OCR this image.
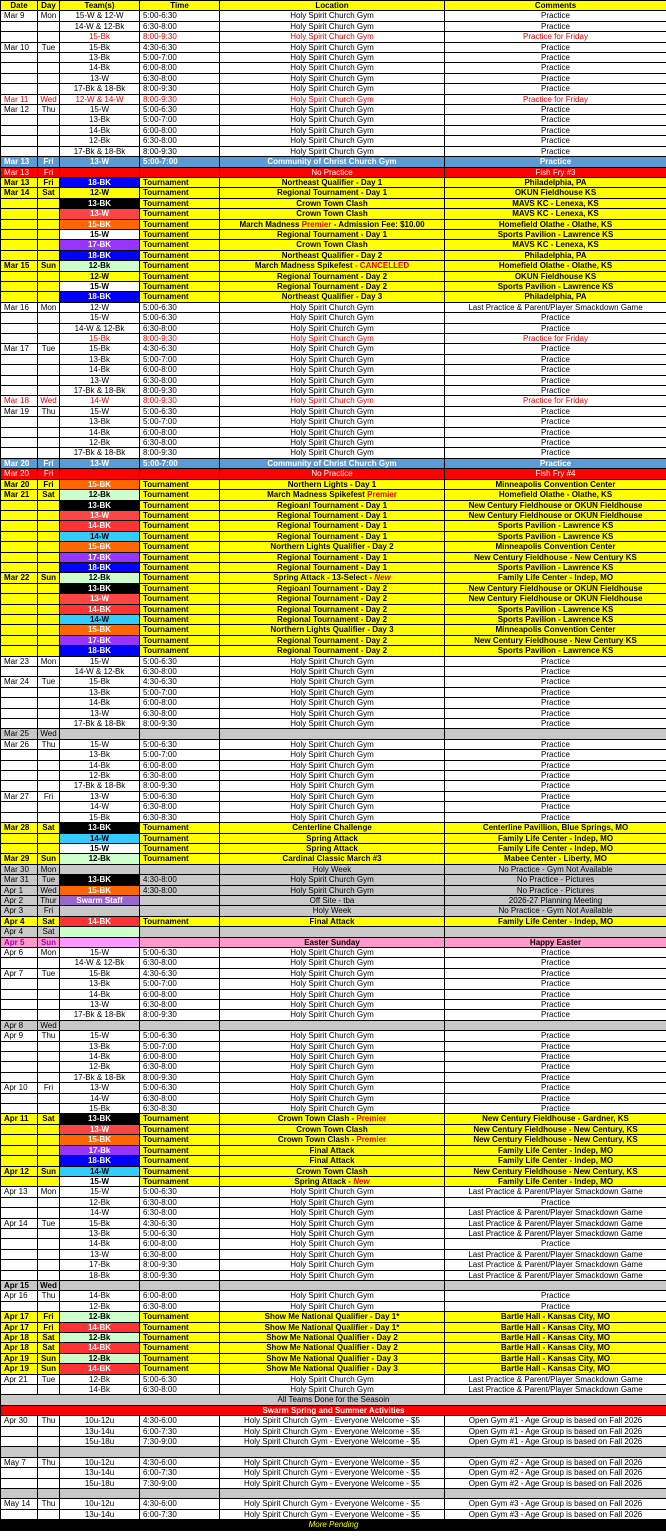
Date	Day	Team(s)	Time	Location	Comments
Mar 9	Mon	15-W & 12-W	5:00-6:30	Holy Spirit Church Gym	Practice
		14-W & 12-Bk	6:30-8:00	Holy Spirit Church Gym	Practice
		15-Bk	8:00-9:30	Holy Spirit Church Gym	Practice for Friday
Mar 10	Tue	15-Bk	4:30-6:30	Holy Spirit Church Gym	Practice
		13-Bk	5:00-7:00	Holy Spirit Church Gym	Practice
		14-Bk	6:00-8:00	Holy Spirit Church Gym	Practice
		13-W	6:30-8:00	Holy Spirit Church Gym	Practice
		17-Bk & 18-Bk	8:00-9:30	Holy Spirit Church Gym	Practice
Mar 11	Wed	12-W & 14-W	8:00-9:30	Holy Spirit Church Gym	Practice for Friday
Mar 12	Thu	15-W	5:00-6:30	Holy Spirit Church Gym	Practice
		13-Bk	5:00-7:00	Holy Spirit Church Gym	Practice
		14-Bk	6:00-8:00	Holy Spirit Church Gym	Practice
		12-Bk	6:30-8:00	Holy Spirit Church Gym	Practice
		17-Bk & 18-Bk	8:00-9:30	Holy Spirit Church Gym	Practice
Mar 13	Fri	13-W	5:00-7:00	Community of Christ Church Gym	Practice
Mar 13	Fri			No Practice	Fish Fry #3
Mar 13	Fri	18-BK	Tournament	Northeast Qualifier - Day 1	Philadelphia, PA
Mar 14	Sat	12-W	Tournament	Regional Tournament - Day 1	OKUN Fieldhouse KS
		13-BK	Tournament	Crown Town Clash	MAVS KC - Lenexa, KS
		13-W	Tournament	Crown Town Clash	MAVS KC - Lenexa, KS
		15-BK	Tournament	March Madness Premier - Admission Fee: $10.00	Homefield Olathe - Olathe, KS
		15-W	Tournament	Regional Tournament - Day 1	Sports Pavilion - Lawrence KS
		17-BK	Tournament	Crown Town Clash	MAVS KC - Lenexa, KS
		18-BK	Tournament	Northeast Qualifier - Day 2	Philadelphia, PA
Mar 15	Sun	12-Bk	Tournament	March Madness Spikefest - CANCELLED	Homefield Olathe - Olathe, KS
		12-W	Tournament	Regional Tournament - Day 2	OKUN Fieldhouse KS
		15-W	Tournament	Regional Tournament - Day 2	Sports Pavilion - Lawrence KS
		18-BK	Tournament	Northeast Qualifier - Day 3	Philadelphia, PA
Mar 16	Mon	12-W	5:00-6:30	Holy Spirit Church Gym	Last Practice & Parent/Player Smackdown Game
		15-W	5:00-6:30	Holy Spirit Church Gym	Practice
		14-W & 12-Bk	6:30-8:00	Holy Spirit Church Gym	Practice
		15-Bk	8:00-9:30	Holy Spirit Church Gym	Practice for Friday
Mar 17	Tue	15-Bk	4:30-6:30	Holy Spirit Church Gym	Practice
		13-Bk	5:00-7:00	Holy Spirit Church Gym	Practice
		14-Bk	6:00-8:00	Holy Spirit Church Gym	Practice
		13-W	6:30-8:00	Holy Spirit Church Gym	Practice
		17-Bk & 18-Bk	8:00-9:30	Holy Spirit Church Gym	Practice
Mar 18	Wed	14-W	8:00-9:30	Holy Spirit Church Gym	Practice for Friday
Mar 19	Thu	15-W	5:00-6:30	Holy Spirit Church Gym	Practice
		13-Bk	5:00-7:00	Holy Spirit Church Gym	Practice
		14-Bk	6:00-8:00	Holy Spirit Church Gym	Practice
		12-Bk	6:30-8:00	Holy Spirit Church Gym	Practice
		17-Bk & 18-Bk	8:00-9:30	Holy Spirit Church Gym	Practice
Mar 20	Fri	13-W	5:00-7:00	Community of Christ Church Gym	Practice
Mar 20	Fri			No Practice	Fish Fry #4
Mar 20	Fri	15-BK	Tournament	Northern Lights - Day 1	Minneapolis Convention Center
Mar 21	Sat	12-Bk	Tournament	March Madness Spikefest Premier	Homefield Olathe - Olathe, KS
		13-BK	Tournament	Regioanl Tournament - Day 1	New Century Fieldhouse or OKUN Fieldhouse
		13-W	Tournament	Regional Tournament - Day 1	New Century Fieldhouse or OKUN Fieldhouse
		14-BK	Tournament	Regional Tournament - Day 1	Sports Pavilion - Lawrence KS
		14-W	Tournament	Regional Tournament - Day 1	Sports Pavilion - Lawrence KS
		15-BK	Tournament	Northern Lights Qualifier - Day 2	Minneapolis Convention Center
		17-BK	Tournament	Regional Tournament - Day 1	New Century Fieldhouse - New Century KS
		18-BK	Tournament	Regional Tournament - Day 1	Sports Pavilion - Lawrence KS
Mar 22	Sun	12-Bk	Tournament	Spring Attack - 13-Select - New	Family Life Center - Indep, MO
		13-BK	Tournament	Regioanl Tournament - Day 2	New Century Fieldhouse or OKUN Fieldhouse
		13-W	Tournament	Regional Tournament - Day 2	New Century Fieldhouse or OKUN Fieldhouse
		14-BK	Tournament	Regional Tournament - Day 2	Sports Pavilion - Lawrence KS
		14-W	Tournament	Regional Tournament - Day 2	Sports Pavilion - Lawrence KS
		15-BK	Tournament	Northern Lights Qualifier - Day 3	Minneapolis Convention Center
		17-BK	Tournament	Regional Tournament - Day 2	New Century Fieldhouse - New Century KS
		18-BK	Tournament	Regional Tournament - Day 2	Sports Pavilion - Lawrence KS
Mar 23	Mon	15-W	5:00-6:30	Holy Spirit Church Gym	Practice
		14-W & 12-Bk	6:30-8:00	Holy Spirit Church Gym	Practice
Mar 24	Tue	15-Bk	4:30-6:30	Holy Spirit Church Gym	Practice
		13-Bk	5:00-7:00	Holy Spirit Church Gym	Practice
		14-Bk	6:00-8:00	Holy Spirit Church Gym	Practice
		13-W	6:30-8:00	Holy Spirit Church Gym	Practice
		17-Bk & 18-Bk	8:00-9:30	Holy Spirit Church Gym	Practice
Mar 25	Wed				
Mar 26	Thu	15-W	5:00-6:30	Holy Spirit Church Gym	Practice
		13-Bk	5:00-7:00	Holy Spirit Church Gym	Practice
		14-Bk	6:00-8:00	Holy Spirit Church Gym	Practice
		12-Bk	6:30-8:00	Holy Spirit Church Gym	Practice
		17-Bk & 18-Bk	8:00-9:30	Holy Spirit Church Gym	Practice
Mar 27	Fri	13-W	5:00-6:30	Holy Spirit Church Gym	Practice
		14-W	6:30-8:00	Holy Spirit Church Gym	Practice
		15-Bk	6:30-8:30	Holy Spirit Church Gym	Practice
Mar 28	Sat	13-BK	Tournament	Centerline Challenge	Centerline Pavillion, Blue Springs, MO
		14-W	Tournament	Spring Attack	Family Life Center - Indep, MO
		15-W	Tournament	Spring Attack	Family Life Center - Indep, MO
Mar 29	Sun	12-Bk	Tournament	Cardinal Classic March #3	Mabee Center - Liberty, MO
Mar 30	Mon			Holy Week	No Practice - Gym Not Available
Mar 31	Tue	13-BK	4:30-8:00	Holy Spirit Church Gym	No Practice - Pictures
Apr 1	Wed	15-BK	4:30-8:00	Holy Spirit Church Gym	No Practice - Pictures
Apr 2	Thur	Swarm Staff		Off Site - tba	2026-27 Planning Meeting
Apr 3	Fri			Holy Week	No Practice - Gym Not Available
Apr 4	Sat	14-BK	Tournament	Final Attack	Family Life Center - Indep, MO
Apr 4	Sat				
Apr 5	Sun			Easter Sunday	Happy Easter
Apr 6	Mon	15-W	5:00-6:30	Holy Spirit Church Gym	Practice
		14-W & 12-Bk	6:30-8:00	Holy Spirit Church Gym	Practice
Apr 7	Tue	15-Bk	4:30-6:30	Holy Spirit Church Gym	Practice
		13-Bk	5:00-7:00	Holy Spirit Church Gym	Practice
		14-Bk	6:00-8:00	Holy Spirit Church Gym	Practice
		13-W	6:30-8:00	Holy Spirit Church Gym	Practice
		17-Bk & 18-Bk	8:00-9:30	Holy Spirit Church Gym	Practice
Apr 8	Wed				
Apr 9	Thu	15-W	5:00-6:30	Holy Spirit Church Gym	Practice
		13-Bk	5:00-7:00	Holy Spirit Church Gym	Practice
		14-Bk	6:00-8:00	Holy Spirit Church Gym	Practice
		12-Bk	6:30-8:00	Holy Spirit Church Gym	Practice
		17-Bk & 18-Bk	8:00-9:30	Holy Spirit Church Gym	Practice
Apr 10	Fri	13-W	5:00-6:30	Holy Spirit Church Gym	Practice
		14-W	6:30-8:00	Holy Spirit Church Gym	Practice
		15-Bk	6:30-8:30	Holy Spirit Church Gym	Practice
Apr 11	Sat	13-BK	Tournament	Crown Town Clash - Premier	New Century Fieldhouse - Gardner, KS
		13-W	Tournament	Crown Town Clash	New Century Fieldhouse - New Century, KS
		15-BK	Tournament	Crown Town Clash - Premier	New Century Fieldhouse - New Century, KS
		17-Bk	Tournament	Final Attack	Family Life Center - Indep, MO
		18-BK	Tournament	Final Attack	Family Life Center - Indep, MO
Apr 12	Sun	14-W	Tournament	Crown Town Clash	New Century Fieldhouse - New Century, KS
		15-W	Tournament	Spring Attack - New	Family Life Center - Indep, MO
Apr 13	Mon	15-W	5:00-6:30	Holy Spirit Church Gym	Last Practice & Parent/Player Smackdown Game
		12-Bk	6:30-8:00	Holy Spirit Church Gym	Practice
		14-W	6:30-8:00	Holy Spirit Church Gym	Last Practice & Parent/Player Smackdown Game
Apr 14	Tue	15-Bk	4:30-6:30	Holy Spirit Church Gym	Last Practice & Parent/Player Smackdown Game
		13-Bk	5:00-6:30	Holy Spirit Church Gym	Last Practice & Parent/Player Smackdown Game
		14-Bk	6:00-8:00	Holy Spirit Church Gym	Practice
		13-W	6:30-8:00	Holy Spirit Church Gym	Last Practice & Parent/Player Smackdown Game
		17-Bk	8:00-9:30	Holy Spirit Church Gym	Last Practice & Parent/Player Smackdown Game
		18-Bk	8:00-9:30	Holy Spirit Church Gym	Last Practice & Parent/Player Smackdown Game
Apr 15	Wed				
Apr 16	Thu	14-Bk	6:00-8:00	Holy Spirit Church Gym	Practice
		12-Bk	6:30-8:00	Holy Spirit Church Gym	Practice
Apr 17	Fri	12-Bk	Tournament	Show Me National Qualifier - Day 1*	Bartle Hall - Kansas City, MO
Apr 17	Fri	14-BK	Tournament	Show Me National Qualifier - Day 1*	Bartle Hall - Kansas City, MO
Apr 18	Sat	12-Bk	Tournament	Show Me National Qualifier - Day 2	Bartle Hall - Kansas City, MO
Apr 18	Sat	14-BK	Tournament	Show Me National Qualifier - Day 2	Bartle Hall - Kansas City, MO
Apr 19	Sun	12-Bk	Tournament	Show Me National Qualifier - Day 3	Bartle Hall - Kansas City, MO
Apr 19	Sun	14-BK	Tournament	Show Me National Qualifier - Day 3	Bartle Hall - Kansas City, MO
Apr 21	Tue	12-Bk	5:00-6:30	Holy Spirit Church Gym	Last Practice & Parent/Player Smackdown Game
		14-Bk	6:30-8:00	Holy Spirit Church Gym	Last Practice & Parent/Player Smackdown Game
All Teams Done for the Seasoin					
Swarm Spring and Summer Activities					
Apr 30	Thu	10u-12u	4:30-6:00	Holy Spirit Church Gym - Everyone Welcome - $5	Open Gym #1 - Age Group is based on Fall 2026
		13u-14u	6:00-7:30	Holy Spirit Church Gym - Everyone Welcome - $5	Open Gym #1 - Age Group is based on Fall 2026
		15u-18u	7:30-9:00	Holy Spirit Church Gym - Everyone Welcome - $5	Open Gym #1 - Age Group is based on Fall 2026

May 7	Thu	10u-12u	4:30-6:00	Holy Spirit Church Gym - Everyone Welcome - $5	Open Gym #2 - Age Group is based on Fall 2026
		13u-14u	6:00-7:30	Holy Spirit Church Gym - Everyone Welcome - $5	Open Gym #2 - Age Group is based on Fall 2026
		15u-18u	7:30-9:00	Holy Spirit Church Gym - Everyone Welcome - $5	Open Gym #2 - Age Group is based on Fall 2026

May 14	Thu	10u-12u	4:30-6:00	Holy Spirit Church Gym - Everyone Welcome - $5	Open Gym #3 - Age Group is based on Fall 2026
		13u-14u	6:00-7:30	Holy Spirit Church Gym - Everyone Welcome - $5	Open Gym #3 - Age Group is based on Fall 2026
More Pending					
